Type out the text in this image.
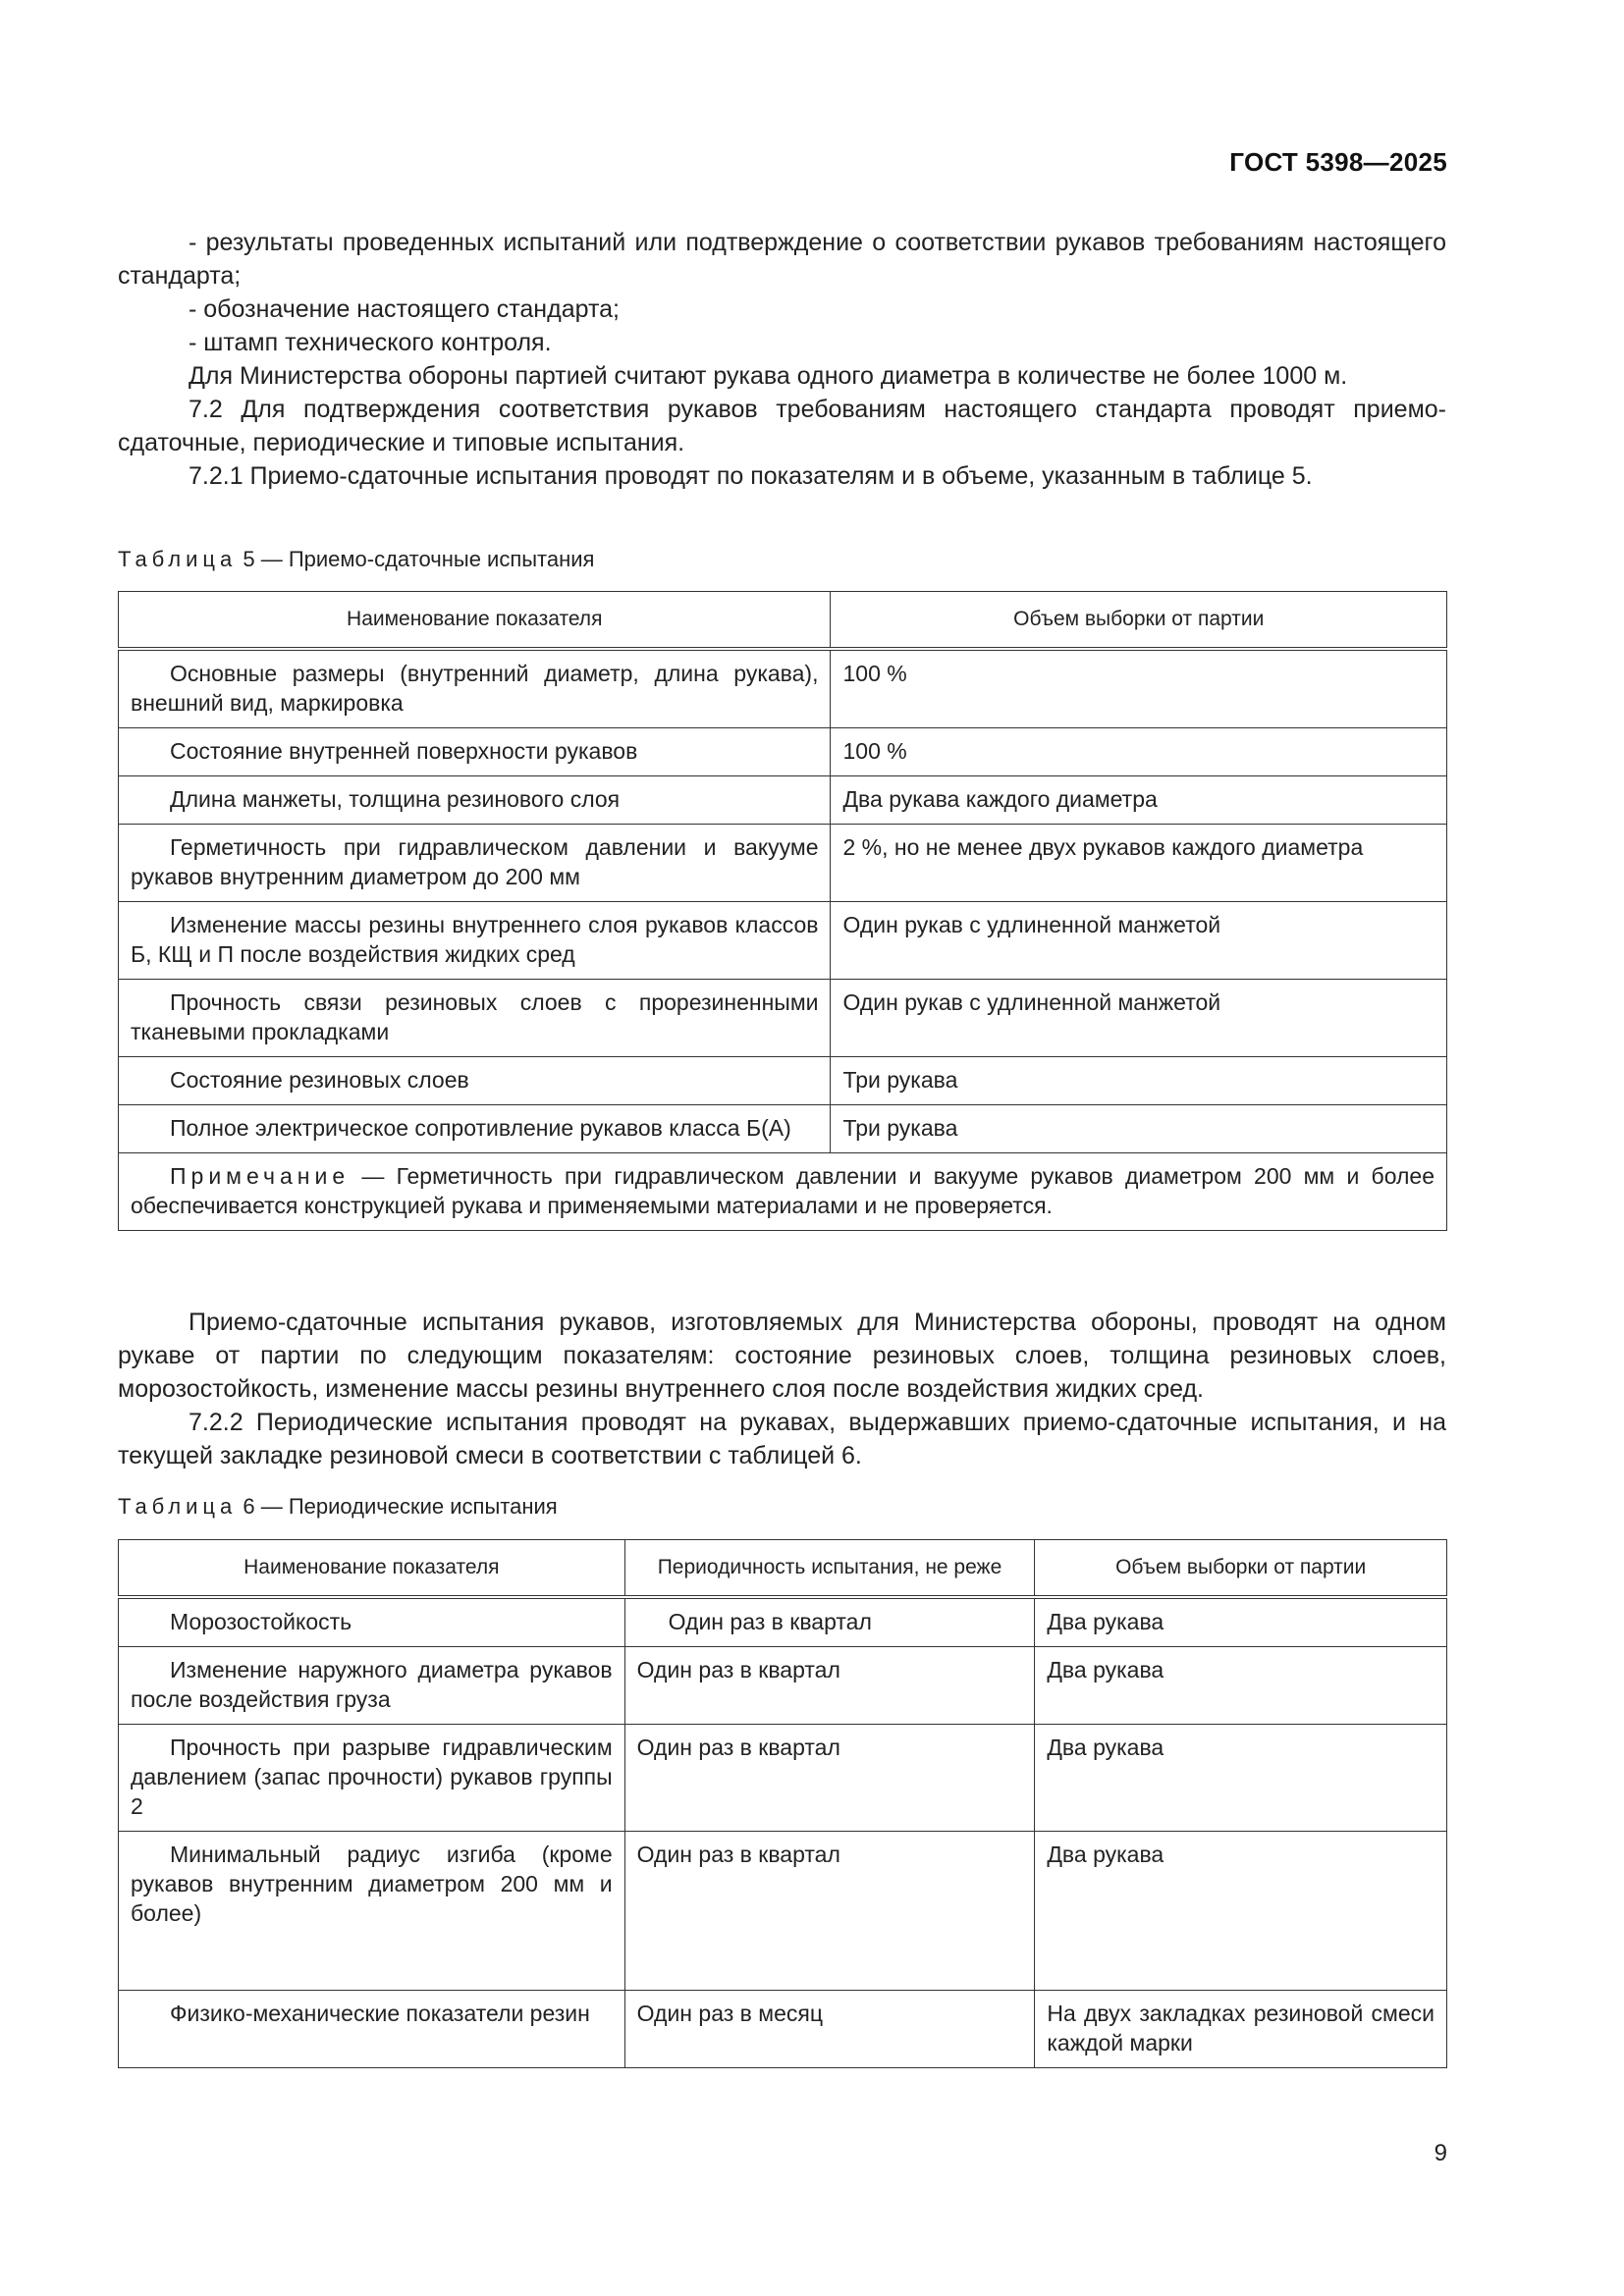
ГОСТ 5398—2025

- результаты проведенных испытаний или подтверждение о соответствии рукавов требованиям настоящего стандарта;

- обозначение настоящего стандарта;

- штамп технического контроля.

Для Министерства обороны партией считают рукава одного диаметра в количестве не более 1000 м.

7.2 Для подтверждения соответствия рукавов требованиям настоящего стандарта проводят приемо-сдаточные, периодические и типовые испытания.

7.2.1 Приемо-сдаточные испытания проводят по показателям и в объеме, указанным в таблице 5.

Таблица 5 — Приемо-сдаточные испытания
Наименование показателя	Объем выборки от партии
Основные размеры (внутренний диаметр, длина рукава), внешний вид, маркировка	100 %
Состояние внутренней поверхности рукавов	100 %
Длина манжеты, толщина резинового слоя	Два рукава каждого диаметра
Герметичность при гидравлическом давлении и вакууме рукавов внутренним диаметром до 200 мм	2 %, но не менее двух рукавов каждого диаметра
Изменение массы резины внутреннего слоя рукавов классов Б, КЩ и П после воздействия жидких сред	Один рукав с удлиненной манжетой
Прочность связи резиновых слоев с прорезиненными тканевыми прокладками	Один рукав с удлиненной манжетой
Состояние резиновых слоев	Три рукава
Полное электрическое сопротивление рукавов класса Б(А)	Три рукава
Примечание — Герметичность при гидравлическом давлении и вакууме рукавов диаметром 200 мм и более обеспечивается конструкцией рукава и применяемыми материалами и не проверяется.	

Приемо-сдаточные испытания рукавов, изготовляемых для Министерства обороны, проводят на одном рукаве от партии по следующим показателям: состояние резиновых слоев, толщина резиновых слоев, морозостойкость, изменение массы резины внутреннего слоя после воздействия жидких сред.

7.2.2 Периодические испытания проводят на рукавах, выдержавших приемо-сдаточные испытания, и на текущей закладке резиновой смеси в соответствии с таблицей 6.

Таблица 6 — Периодические испытания
Наименование показателя	Периодичность испытания, не реже	Объем выборки от партии
Морозостойкость	Один раз в квартал	Два рукава
Изменение наружного диаметра рукавов после воздействия груза	Один раз в квартал	Два рукава
Прочность при разрыве гидравлическим давлением (запас прочности) рукавов группы 2	Один раз в квартал	Два рукава
Минимальный радиус изгиба (кроме рукавов внутренним диаметром 200 мм и более)	Один раз в квартал	Два рукава
Физико-механические показатели резин	Один раз в месяц	На двух закладках резиновой смеси каждой марки
9
